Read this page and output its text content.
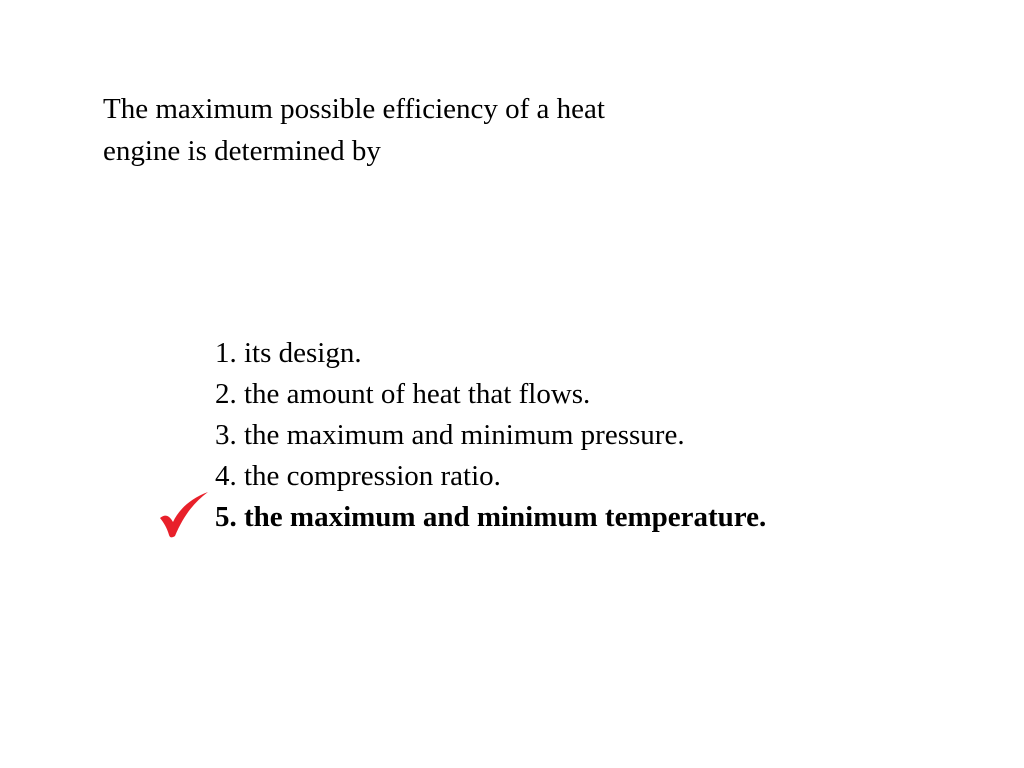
The maximum possible efficiency of a heat
engine is determined by

1. its design.
2. the amount of heat that flows.
3. the maximum and minimum pressure.
4. the compression ratio.
5. the maximum and minimum temperature.
